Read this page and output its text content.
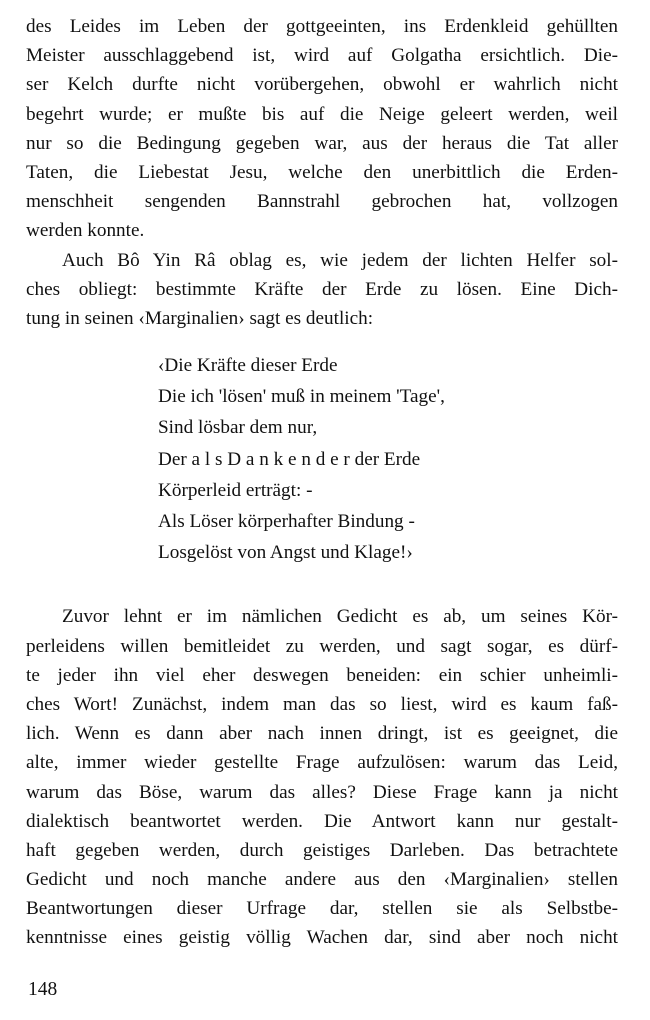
des Leides im Leben der gottgeeinten, ins Erdenkleid gehüllten
Meister ausschlaggebend ist, wird auf Golgatha ersichtlich. Die-
ser Kelch durfte nicht vorübergehen, obwohl er wahrlich nicht
begehrt wurde; er mußte bis auf die Neige geleert werden, weil
nur so die Bedingung gegeben war, aus der heraus die Tat aller
Taten, die Liebestat Jesu, welche den unerbittlich die Erden-
menschheit sengenden Bannstrahl gebrochen hat, vollzogen
werden konnte.
Auch Bô Yin Râ oblag es, wie jedem der lichten Helfer sol-
ches obliegt: bestimmte Kräfte der Erde zu lösen. Eine Dich-
tung in seinen ‹Marginalien› sagt es deutlich:
‹Die Kräfte dieser Erde
Die ich 'lösen' muß in meinem 'Tage',
Sind lösbar dem nur,
Der a l s D a n k e n d e r der Erde
Körperleid erträgt: -
Als Löser körperhafter Bindung -
Losgelöst von Angst und Klage!›
Zuvor lehnt er im nämlichen Gedicht es ab, um seines Kör-
perleidens willen bemitleidet zu werden, und sagt sogar, es dürf-
te jeder ihn viel eher deswegen beneiden: ein schier unheimli-
ches Wort! Zunächst, indem man das so liest, wird es kaum faß-
lich. Wenn es dann aber nach innen dringt, ist es geeignet, die
alte, immer wieder gestellte Frage aufzulösen: warum das Leid,
warum das Böse, warum das alles? Diese Frage kann ja nicht
dialektisch beantwortet werden. Die Antwort kann nur gestalt-
haft gegeben werden, durch geistiges Darleben. Das betrachtete
Gedicht und noch manche andere aus den ‹Marginalien› stellen
Beantwortungen dieser Urfrage dar, stellen sie als Selbstbe-
kenntnisse eines geistig völlig Wachen dar, sind aber noch nicht
148
